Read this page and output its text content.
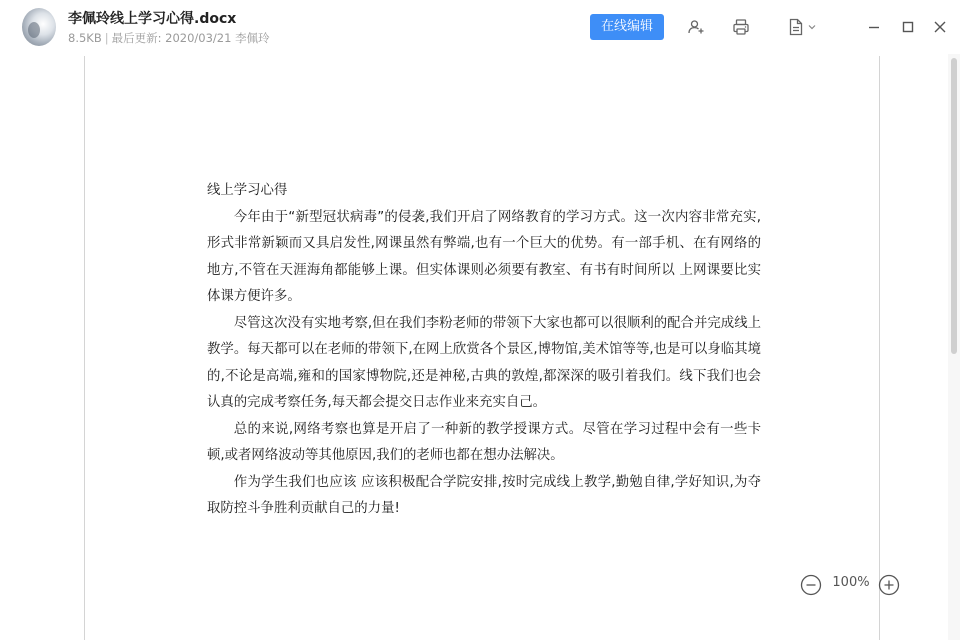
李佩玲线上学习心得.docx
8.5KB | 最后更新: 2020/03/21 李佩玲
在线编辑

线上学习心得

今年由于“新型冠状病毒”的侵袭,我们开启了网络教育的学习方式。这一次内容非常充实,形式非常新颖而又具启发性,网课虽然有弊端,也有一个巨大的优势。有一部手机、在有网络的地方,不管在天涯海角都能够上课。但实体课则必须要有教室、有书有时间所以 上网课要比实体课方便许多。

尽管这次没有实地考察,但在我们李粉老师的带领下大家也都可以很顺利的配合并完成线上教学。每天都可以在老师的带领下,在网上欣赏各个景区,博物馆,美术馆等等,也是可以身临其境的,不论是高端,雍和的国家博物院,还是神秘,古典的敦煌,都深深的吸引着我们。线下我们也会认真的完成考察任务,每天都会提交日志作业来充实自己。

总的来说,网络考察也算是开启了一种新的教学授课方式。尽管在学习过程中会有一些卡顿,或者网络波动等其他原因,我们的老师也都在想办法解决。

作为学生我们也应该 应该积极配合学院安排,按时完成线上教学,勤勉自律,学好知识,为夺取防控斗争胜利贡献自己的力量!

100%
